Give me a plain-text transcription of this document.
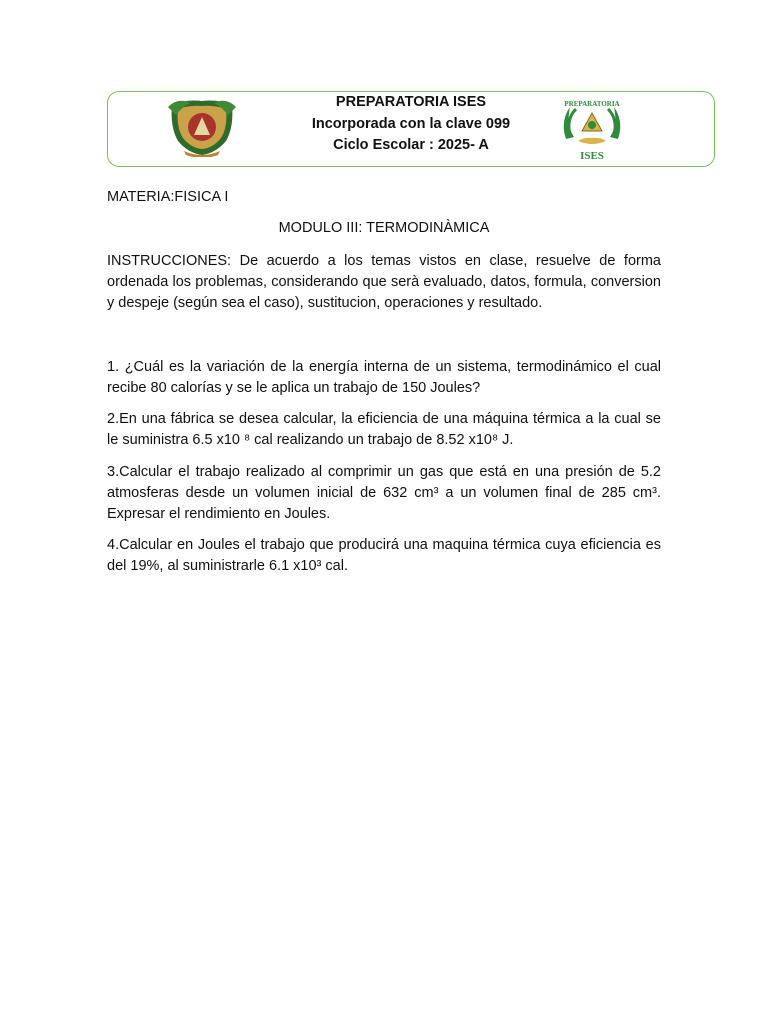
PREPARATORIA ISES
Incorporada con la clave 099
Ciclo Escolar : 2025- A
ISES
PREPARATORIA
MATERIA:FISICA I
MODULO III: TERMODINÀMICA
INSTRUCCIONES: De acuerdo a los temas vistos en clase, resuelve de forma ordenada los problemas, considerando que serà evaluado, datos, formula, conversion y despeje (según sea el caso), sustitucion, operaciones y resultado.
1. ¿Cuál es la variación de la energía interna de un sistema, termodinámico el cual recibe 80 calorías y se le aplica un trabajo de 150 Joules?
2.En una fábrica se desea calcular, la eficiencia de una máquina térmica a la cual se le suministra 6.5 x10 ⁸ cal realizando un trabajo de 8.52 x10⁸ J.
3.Calcular el trabajo realizado al comprimir un gas que está en una presión de 5.2 atmosferas desde un volumen inicial de 632 cm³ a un volumen final de 285 cm³. Expresar el rendimiento en Joules.
4.Calcular en Joules el trabajo que producirá una maquina térmica cuya eficiencia es del 19%, al suministrarle 6.1 x10³ cal.
